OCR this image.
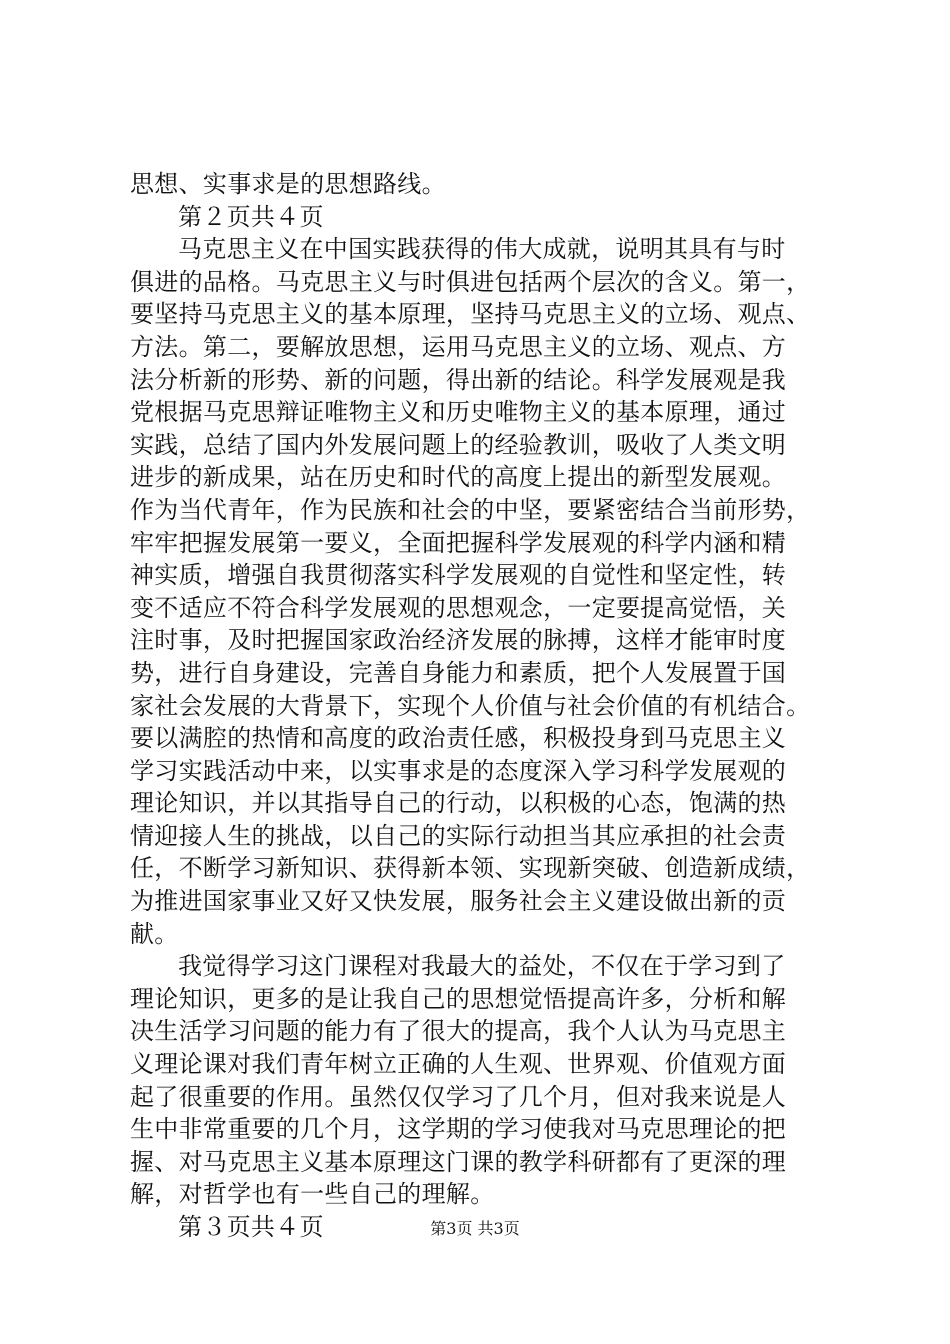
思想、实事求是的思想路线。
第２页共４页
马克思主义在中国实践获得的伟大成就，说明其具有与时
俱进的品格。马克思主义与时俱进包括两个层次的含义。第一，
要坚持马克思主义的基本原理，坚持马克思主义的立场、观点、
方法。第二，要解放思想，运用马克思主义的立场、观点、方
法分析新的形势、新的问题，得出新的结论。科学发展观是我
党根据马克思辩证唯物主义和历史唯物主义的基本原理，通过
实践，总结了国内外发展问题上的经验教训，吸收了人类文明
进步的新成果，站在历史和时代的高度上提出的新型发展观。
作为当代青年，作为民族和社会的中坚，要紧密结合当前形势，
牢牢把握发展第一要义，全面把握科学发展观的科学内涵和精
神实质，增强自我贯彻落实科学发展观的自觉性和坚定性，转
变不适应不符合科学发展观的思想观念，一定要提高觉悟，关
注时事，及时把握国家政治经济发展的脉搏，这样才能审时度
势，进行自身建设，完善自身能力和素质，把个人发展置于国
家社会发展的大背景下，实现个人价值与社会价值的有机结合。
要以满腔的热情和高度的政治责任感，积极投身到马克思主义
学习实践活动中来，以实事求是的态度深入学习科学发展观的
理论知识，并以其指导自己的行动，以积极的心态，饱满的热
情迎接人生的挑战，以自己的实际行动担当其应承担的社会责
任，不断学习新知识、获得新本领、实现新突破、创造新成绩，
为推进国家事业又好又快发展，服务社会主义建设做出新的贡
献。
我觉得学习这门课程对我最大的益处，不仅在于学习到了
理论知识，更多的是让我自己的思想觉悟提高许多，分析和解
决生活学习问题的能力有了很大的提高，我个人认为马克思主
义理论课对我们青年树立正确的人生观、世界观、价值观方面
起了很重要的作用。虽然仅仅学习了几个月，但对我来说是人
生中非常重要的几个月，这学期的学习使我对马克思理论的把
握、对马克思主义基本原理这门课的教学科研都有了更深的理
解，对哲学也有一些自己的理解。
第３页共４页	第3页 共3页
